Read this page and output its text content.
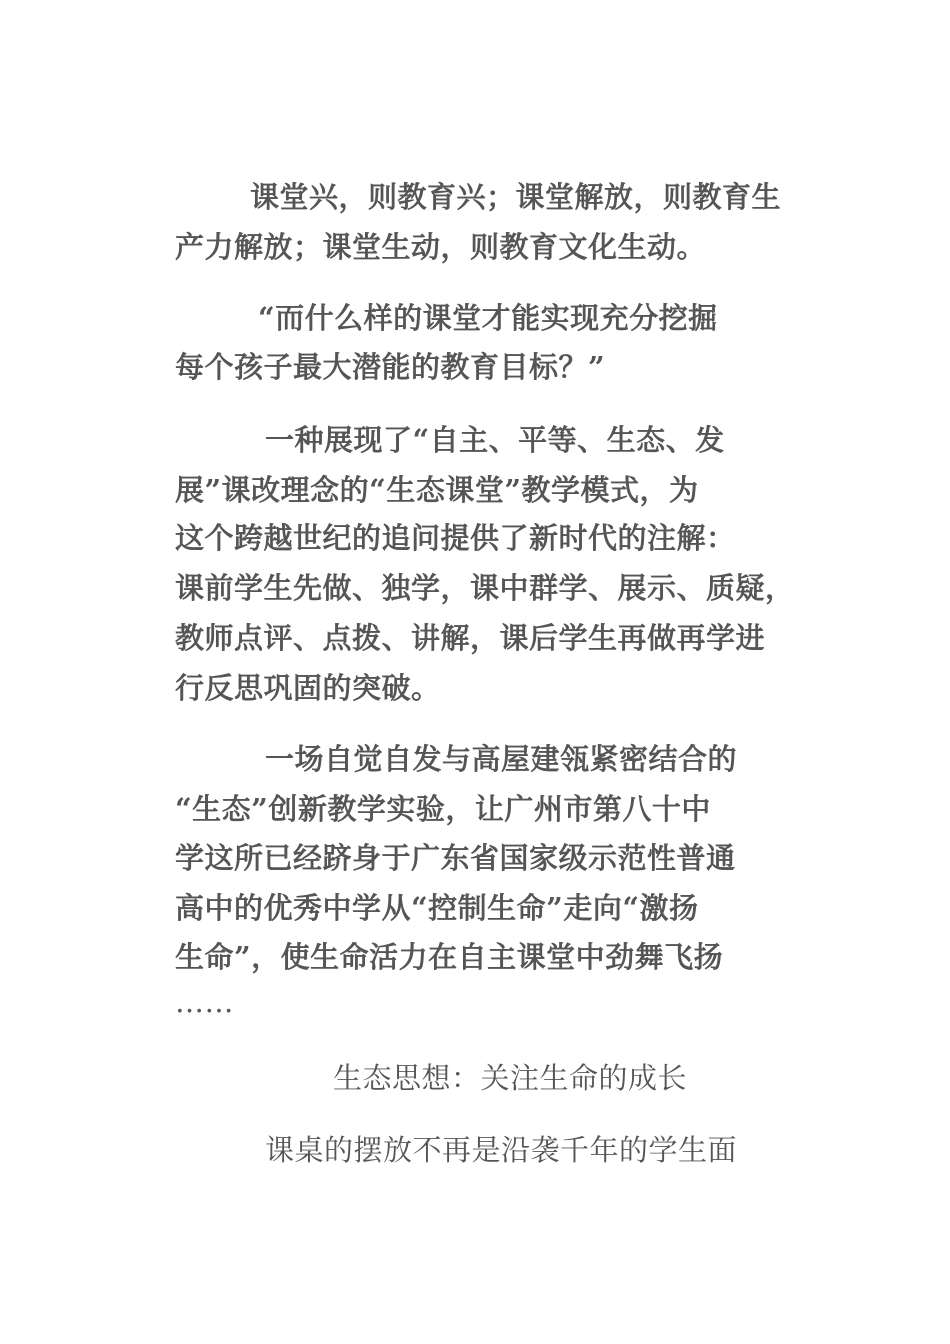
课堂兴，则教育兴；课堂解放，则教育生
产力解放；课堂生动，则教育文化生动。
“而什么样的课堂才能实现充分挖掘
每个孩子最大潜能的教育目标？”
一种展现了“自主、平等、生态、发
展”课改理念的“生态课堂”教学模式，为
这个跨越世纪的追问提供了新时代的注解：
课前学生先做、独学，课中群学、展示、质疑，
教师点评、点拨、讲解，课后学生再做再学进
行反思巩固的突破。
一场自觉自发与高屋建瓴紧密结合的
“生态”创新教学实验，让广州市第八十中
学这所已经跻身于广东省国家级示范性普通
高中的优秀中学从“控制生命”走向“激扬
生命”，使生命活力在自主课堂中劲舞飞扬
……
生态思想：关注生命的成长
课桌的摆放不再是沿袭千年的学生面
